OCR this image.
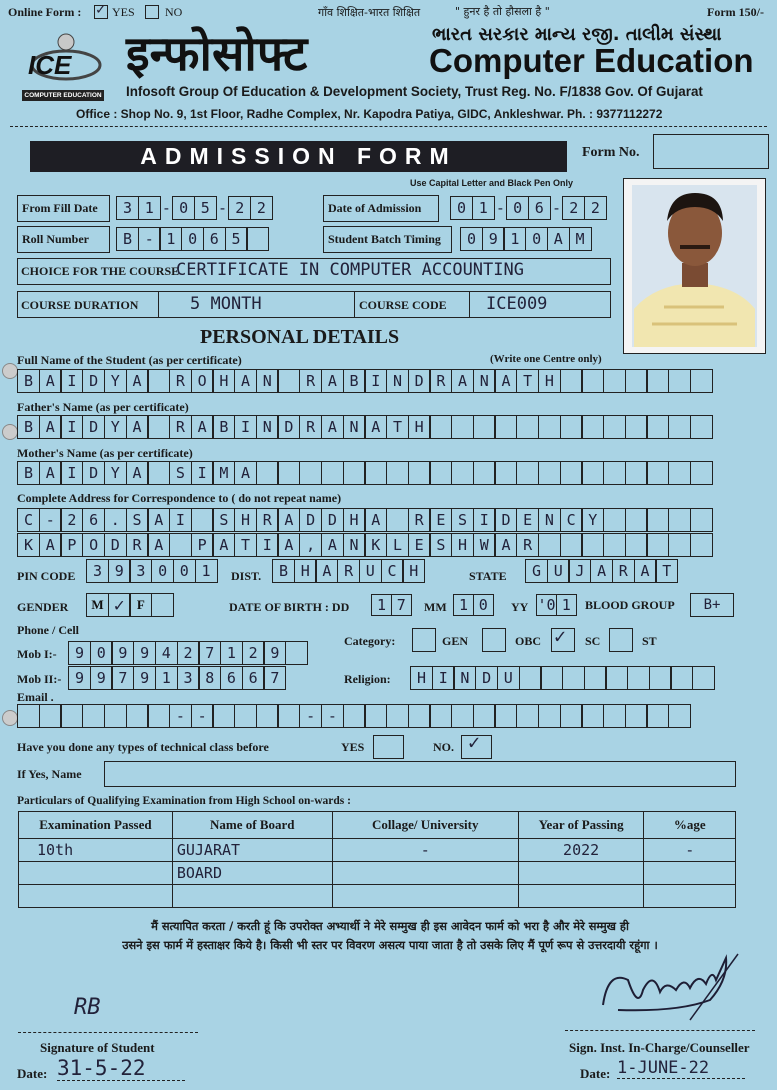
Online Form : ✓ YES	NO	गाँव शिक्षित-भारत शिक्षित	" हुनर है तो हौसला है "	Form 150/-
ICE
COMPUTER EDUCATION
इन्फोसोफ्ट	ભારત સરકાર માન્ય રજી. તાલીમ સંસ્થા
Computer Education
Infosoft Group Of Education & Development Society, Trust Reg. No. F/1838 Gov. Of Gujarat
Office : Shop No. 9, 1st Floor, Radhe Complex, Nr. Kapodra Patiya, GIDC, Ankleshwar. Ph. : 9377112272
ADMISSION FORM	Form No.
Use Capital Letter and Black Pen Only
From Fill Date	3 1 - 0 5 - 2 2	Date of Admission	0 1 - 0 6 - 2 2
Roll Number	B - 1 0 6 5	Student Batch Timing	0 9 1 0 A M
CHOICE FOR THE COURSE
CERTIFICATE IN COMPUTER ACCOUNTING
COURSE DURATION	5 MONTH	COURSE CODE ICE009
PERSONAL DETAILS
Full Name of the Student (as per certificate)	(Write one Centre only)
B A I D Y A	R O H A N	R A B I N D R A N A T H
Father's Name (as per certificate)
B A I D Y A	R A B I N D R A N A T H
Mother's Name (as per certificate)
B A I D Y A	S I M A
Complete Address for Correspondence to ( do not repeat name)
C - 2 6 . S A I	S H R A D D H A	R E S I D E N C Y
K A P O D R A	P A T I A , A N K L E S H W A R
PIN CODE	3 9 3 0 0 1	DIST.	B H A R U C H	STATE	G U J A R A T
GENDER	M ✓ F	DATE OF BIRTH : DD	1 7	MM 1 0	YY '0 1	BLOOD GROUP	B+
Phone / Cell
Category:	GEN	OBC ✓ SC	ST
Mob I:-	9 0 9 9 4 2 7 1 2 9
Mob II:- 9 9 7 9 1 3 8 6 6 7	Religion:	H I N D U
Email .
- -	- -
Have you done any types of technical class before	YES	NO. ✓
If Yes, Name
Particulars of Qualifying Examination from High School on-wards :
Examination Passed	Name of Board	Collage/ University	Year of Passing	%age
10th	GUJARAT	-	2022	-
	BOARD			

मैं सत्यापित करता / करती हूं कि उपरोक्त अभ्यार्थी ने मेरे सम्मुख ही इस आवेदन फार्म को भरा है और मेरे सम्मुख ही
उसने इस फार्म में हस्ताक्षर किये है। किसी भी स्तर पर विवरण असत्य पाया जाता है तो उसके लिए मैं पूर्ण रूप से उत्तरदायी रहूंगा ।
RB
Signature of Student
Date: 31-5-22
Sign. Inst. In-Charge/Counseller
Date: 1-JUNE-22
